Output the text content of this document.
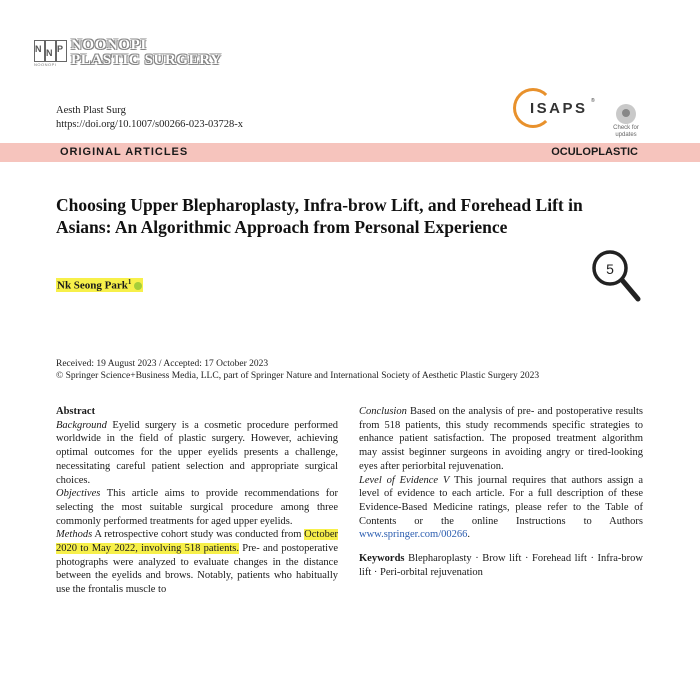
N N P
NOONOPI
NOONOPI
PLASTIC SURGERY
Aesth Plast Surg
https://doi.org/10.1007/s00266-023-03728-x
ISAPS ®
Check for
updates
ORIGINAL ARTICLES	OCULOPLASTIC
Choosing Upper Blepharoplasty, Infra-brow Lift, and Forehead Lift in Asians: An Algorithmic Approach from Personal Experience
Nk Seong Park$^1$
5
Received: 19 August 2023 / Accepted: 17 October 2023
© Springer Science+Business Media, LLC, part of Springer Nature and International Society of Aesthetic Plastic Surgery 2023

Abstract

Background Eyelid surgery is a cosmetic procedure performed worldwide in the field of plastic surgery. However, achieving optimal outcomes for the upper eyelids presents a challenge, necessitating careful patient selection and appropriate surgical choices.

Objectives This article aims to provide recommendations for selecting the most suitable surgical procedure among three commonly performed treatments for aged upper eyelids.

Methods A retrospective cohort study was conducted from October 2020 to May 2022, involving 518 patients. Pre- and postoperative photographs were analyzed to evaluate changes in the distance between the eyelids and brows. Notably, patients who habitually use the frontalis muscle to

Conclusion Based on the analysis of pre- and postoperative results from 518 patients, this study recommends specific strategies to enhance patient satisfaction. The proposed treatment algorithm may assist beginner surgeons in avoiding angry or tired-looking eyes after periorbital rejuvenation.

Level of Evidence V This journal requires that authors assign a level of evidence to each article. For a full description of these Evidence-Based Medicine ratings, please refer to the Table of Contents or the online Instructions to Authors www.springer.com/00266.

Keywords Blepharoplasty · Brow lift · Forehead lift · Infra-brow lift · Peri-orbital rejuvenation
